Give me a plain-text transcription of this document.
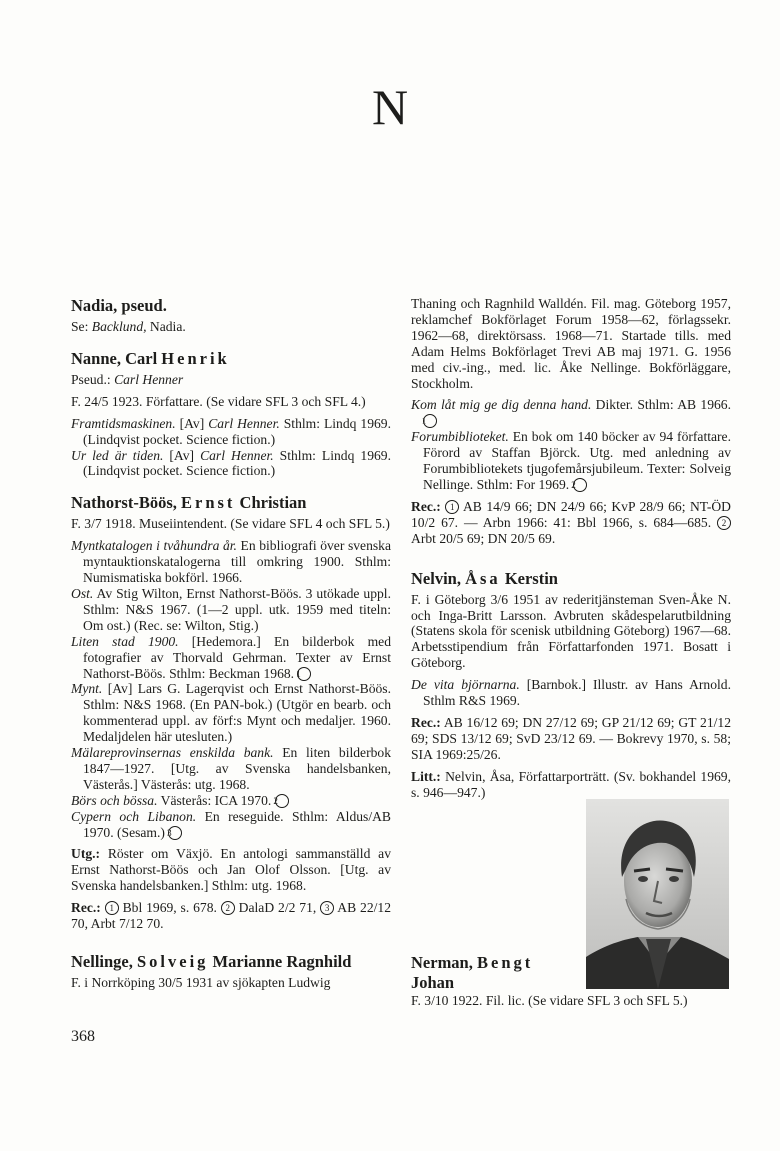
N
Nadia, pseud.
Se: Backlund, Nadia.
Nanne, Carl Henrik
Pseud.: Carl Henner
F. 24/5 1923. Författare. (Se vidare SFL 3 och SFL 4.)
Framtidsmaskinen. [Av] Carl Henner. Sthlm: Lindq 1969. (Lindqvist pocket. Science fiction.)
Ur led är tiden. [Av] Carl Henner. Sthlm: Lindq 1969. (Lindqvist pocket. Science fiction.)
Nathorst-Böös, Ernst Christian
F. 3/7 1918. Museiintendent. (Se vidare SFL 4 och SFL 5.)
Myntkatalogen i tvåhundra år. En bibliografi över svenska myntauktionskatalogerna till omkring 1900. Sthlm: Numismatiska bokförl. 1966.
Ost. Av Stig Wilton, Ernst Nathorst-Böös. 3 utökade uppl. Sthlm: N&S 1967. (1—2 uppl. utk. 1959 med titeln: Om ost.) (Rec. se: Wilton, Stig.)
Liten stad 1900. [Hedemora.] En bilderbok med fotografier av Thorvald Gehrman. Texter av Ernst Nathorst-Böös. Sthlm: Beckman 1968. 1
Mynt. [Av] Lars G. Lagerqvist och Ernst Nathorst-Böös. Sthlm: N&S 1968. (En PAN-bok.) (Utgör en bearb. och kommenterad uppl. av förf:s Mynt och medaljer. 1960. Medaljdelen här utesluten.)
Mälareprovinsernas enskilda bank. En liten bilderbok 1847—1927. [Utg. av Svenska handelsbanken, Västerås.] Västerås: utg. 1968.
Börs och bössa. Västerås: ICA 1970. 2
Cypern och Libanon. En reseguide. Sthlm: Aldus/AB 1970. (Sesam.) 3
Utg.: Röster om Växjö. En antologi sammanställd av Ernst Nathorst-Böös och Jan Olof Olsson. [Utg. av Svenska handelsbanken.] Sthlm: utg. 1968.
Rec.: 1 Bbl 1969, s. 678. 2 DalaD 2/2 71, 3 AB 22/12 70, Arbt 7/12 70.
Nellinge, Solveig Marianne Ragnhild
F. i Norrköping 30/5 1931 av sjökapten Ludwig
Thaning och Ragnhild Walldén. Fil. mag. Göteborg 1957, reklamchef Bokförlaget Forum 1958—62, förlagssekr. 1962—68, direktörsass. 1968—71. Startade tills. med Adam Helms Bokförlaget Trevi AB maj 1971. G. 1956 med civ.-ing., med. lic. Åke Nellinge. Bokförläggare, Stockholm.
Kom låt mig ge dig denna hand. Dikter. Sthlm: AB 1966. 1
Forumbiblioteket. En bok om 140 böcker av 94 författare. Förord av Staffan Björck. Utg. med anledning av Forumbibliotekets tjugofemårsjubileum. Texter: Solveig Nellinge. Sthlm: For 1969. 2
Rec.: 1 AB 14/9 66; DN 24/9 66; KvP 28/9 66; NT-ÖD 10/2 67. — Arbn 1966: 41: Bbl 1966, s. 684—685. 2 Arbt 20/5 69; DN 20/5 69.
Nelvin, Åsa Kerstin
F. i Göteborg 3/6 1951 av rederitjänsteman Sven-Åke N. och Inga-Britt Larsson. Avbruten skådespelarutbildning (Statens skola för scenisk utbildning Göteborg) 1967—68. Arbetsstipendium från Författarfonden 1971. Bosatt i Göteborg.
De vita björnarna. [Barnbok.] Illustr. av Hans Arnold. Sthlm R&S 1969.
Rec.: AB 16/12 69; DN 27/12 69; GP 21/12 69; GT 21/12 69; SDS 13/12 69; SvD 23/12 69. — Bokrevy 1970, s. 58; SIA 1969:25/26.
Litt.: Nelvin, Åsa, Författarporträtt. (Sv. bokhandel 1969, s. 946—947.)
Nerman, Bengt
Johan
F. 3/10 1922. Fil. lic. (Se vidare SFL 3 och SFL 5.)
368
